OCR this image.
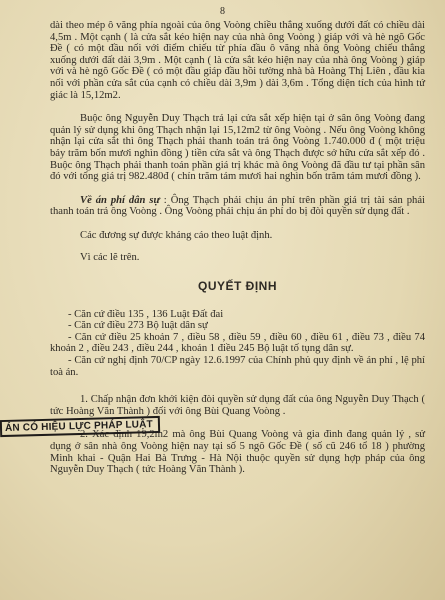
8

dài theo mép ô văng phía ngoài của ông Voòng chiều thẳng xuống dưới đất có chiều dài 4,5m . Một cạnh ( là cửa sắt kéo hiện nay của nhà ông Voòng ) giáp với và hè ngõ Gốc Đề ( có một đầu nối với điểm chiếu từ phía đầu ô văng nhà ông Voòng chiếu thẳng xuống dưới đất dài 3,9m . Một cạnh ( là cửa sắt kéo hiện nay của nhà ông Voòng ) giáp với và hè ngõ Gốc Đề ( có một đầu giáp đầu hồi tường nhà bà Hoàng Thị Liên , đầu kia nối với phần cửa sắt của cạnh có chiều dài 3,9m ) dài 3,6m . Tổng diện tích của hình tứ giác là 15,12m2.

Buộc ông Nguyễn Duy Thạch trả lại cửa sắt xếp hiện tại ở sân ông Voòng đang quản lý sử dụng khi ông Thạch nhận lại 15,12m2 từ ông Voòng . Nếu ông Voòng không nhận lại cửa sắt thì ông Thạch phải thanh toán trả ông Voòng 1.740.000 đ ( một triệu bảy trăm bốn mươi nghìn đồng ) tiền cửa sắt và ông Thạch được sở hữu cửa sắt xếp đó . Buộc ông Thạch phải thanh toán phần giá trị khác mà ông Voòng đã đầu tư tại phần sân đó với tổng giá trị 982.480đ ( chín trăm tám mươi hai nghìn bốn trăm tám mươi đồng ).

Về án phí dân sự : Ông Thạch phải chịu án phí trên phần giá trị tài sản phải thanh toán trả ông Voòng . Ông Voòng phải chịu án phí do bị đòi quyền sử dụng đất .

Các đương sự được kháng cáo theo luật định.

Vì các lẽ trên.

QUYẾT ĐỊNH

- Căn cứ điều 135 , 136 Luật Đất đai

- Căn cứ điều 273 Bộ luật dân sự

- Căn cứ điều 25 khoản 7 , điều 58 , điều 59 , điều 60 , điều 61 , điều 73 , điều 74 khoản 2 , điều 243 , điều 244 , khoản 1 điều 245 Bộ luật tố tụng dân sự.

- Căn cứ nghị định 70/CP ngày 12.6.1997 của Chính phủ quy định về án phí , lệ phí toà án.

1. Chấp nhận đơn khởi kiện đòi quyền sử dụng đất của ông Nguyễn Duy Thạch ( tức Hoàng Văn Thành ) đối với ông Bùi Quang Voòng .

2. Xác định 19,2m2 mà ông Bùi Quang Voòng và gia đình đang quản lý , sử dụng ở sân nhà ông Voòng hiện nay tại số 5 ngõ Gốc Đề ( số cũ 246 tổ 18 ) phường Minh khai - Quận Hai Bà Trưng - Hà Nội thuộc quyền sử dụng hợp pháp của ông Nguyễn Duy Thạch ( tức Hoàng Văn Thành ).

ÁN CÓ HIỆU LỰC PHÁP LUẬT
